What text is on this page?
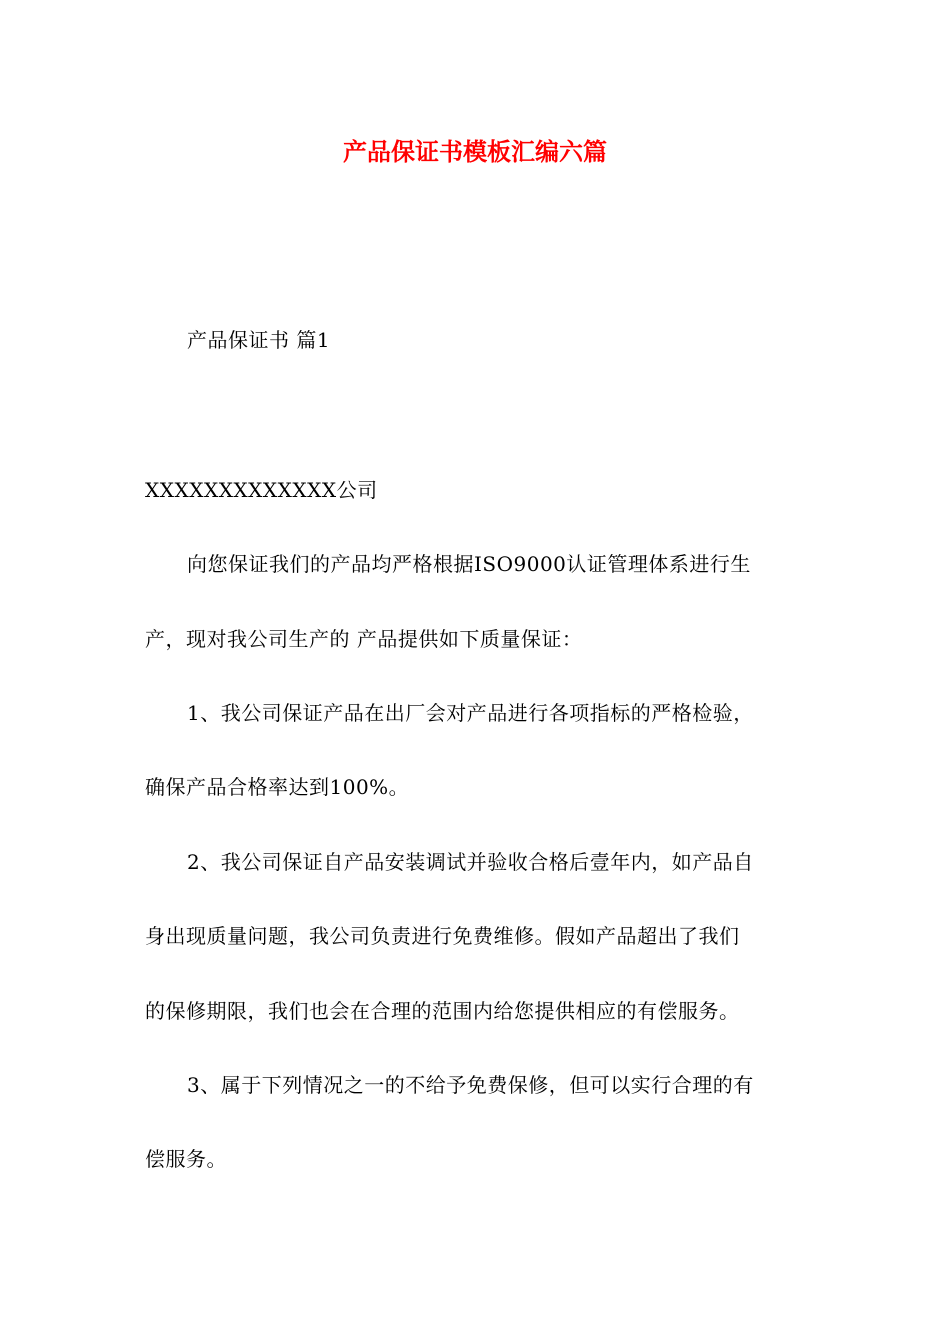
产品保证书模板汇编六篇

产品保证书 篇1

XXXXXXXXXXXXX公司

向您保证我们的产品均严格根据ISO9000认证管理体系进行生

产，现对我公司生产的 产品提供如下质量保证：

1、我公司保证产品在出厂会对产品进行各项指标的严格检验，

确保产品合格率达到100%。

2、我公司保证自产品安装调试并验收合格后壹年内，如产品自

身出现质量问题，我公司负责进行免费维修。假如产品超出了我们

的保修期限，我们也会在合理的范围内给您提供相应的有偿服务。

3、属于下列情况之一的不给予免费保修，但可以实行合理的有

偿服务。
